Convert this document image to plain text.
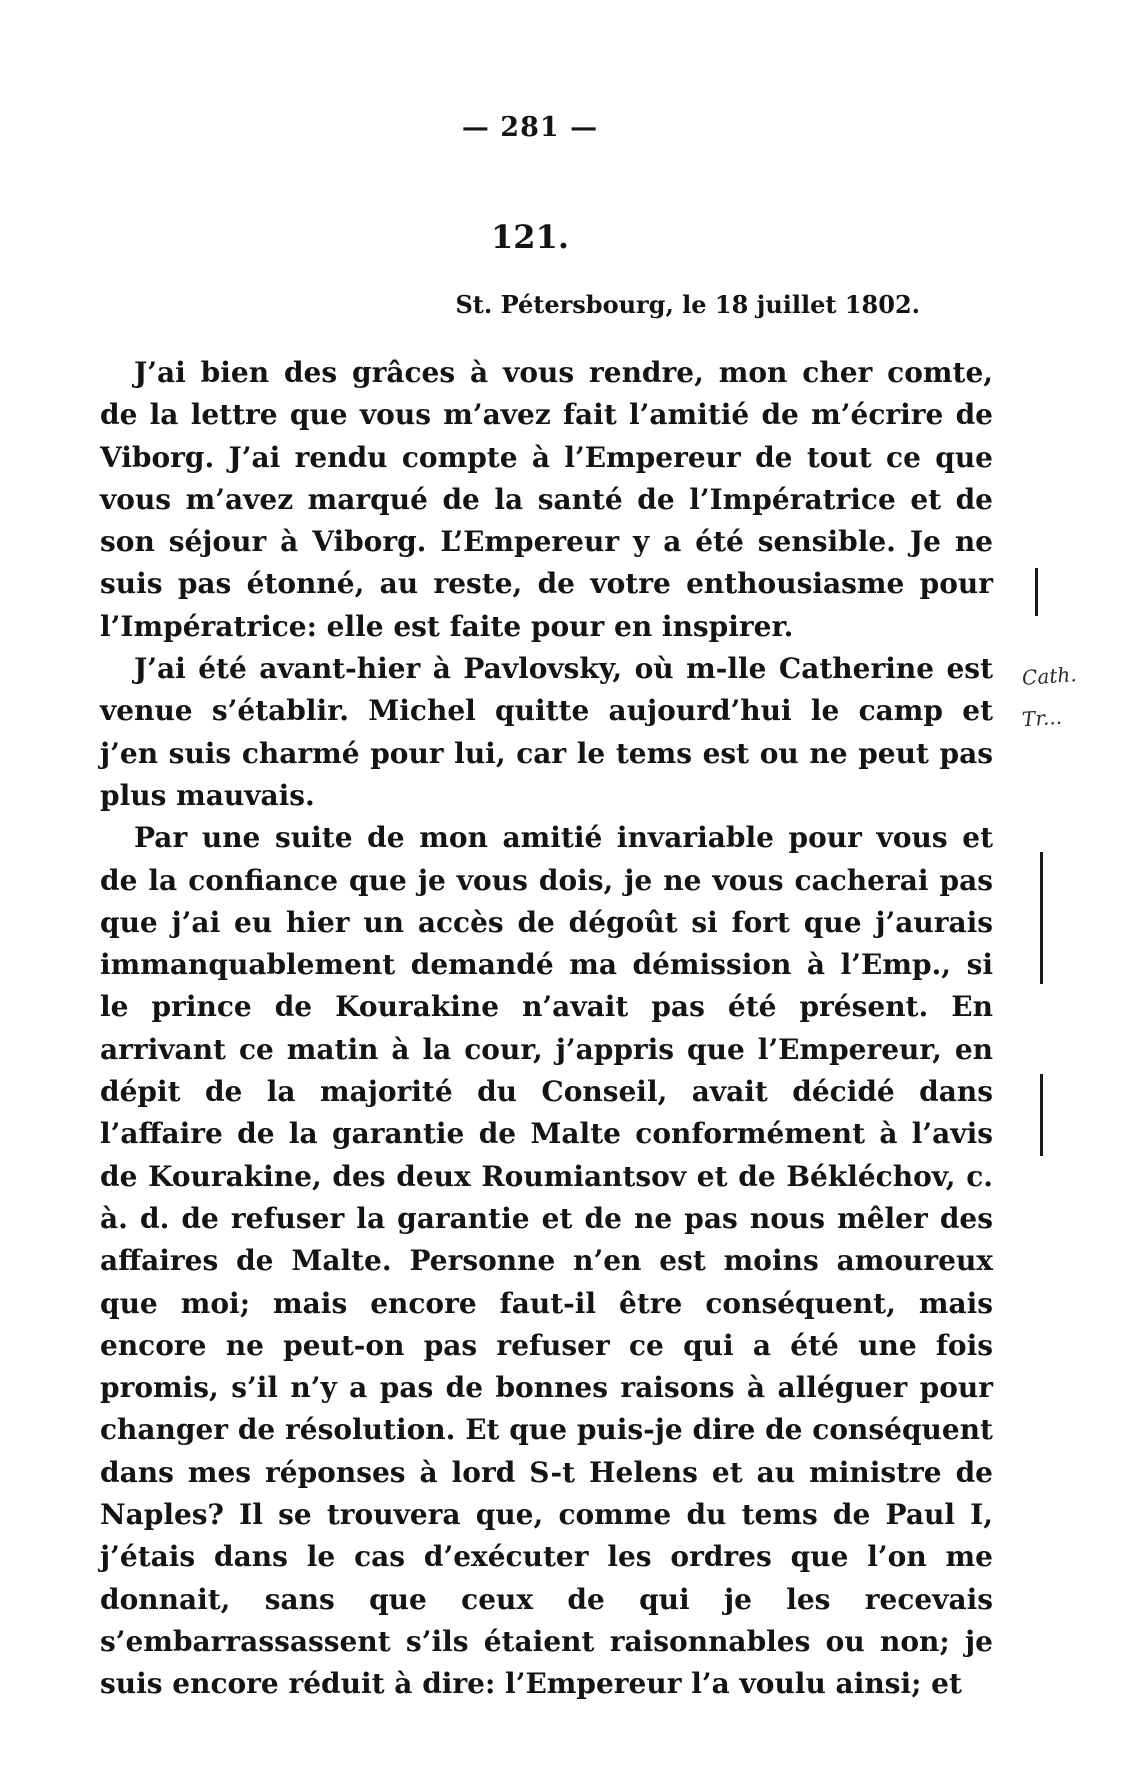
— 281 —
121.
St. Pétersbourg, le 18 juillet 1802.

J’ai bien des grâces à vous rendre, mon cher comte, de la lettre que vous m’avez fait l’amitié de m’écrire de Viborg. J’ai rendu compte à l’Empereur de tout ce que vous m’avez marqué de la santé de l’Impératrice et de son séjour à Viborg. L’Empereur y a été sensible. Je ne suis pas étonné, au reste, de votre enthousiasme pour l’Impératrice: elle est faite pour en inspirer.

J’ai été avant-hier à Pavlovsky, où m-lle Catherine est venue s’établir. Michel quitte aujourd’hui le camp et j’en suis charmé pour lui, car le tems est ou ne peut pas plus mauvais.

Par une suite de mon amitié invariable pour vous et de la confiance que je vous dois, je ne vous cacherai pas que j’ai eu hier un accès de dégoût si fort que j’aurais immanquablement demandé ma démission à l’Emp., si le prince de Kourakine n’avait pas été présent. En arrivant ce matin à la cour, j’appris que l’Empereur, en dépit de la majorité du Conseil, avait décidé dans l’affaire de la garantie de Malte conformément à l’avis de Kourakine, des deux Roumiantsov et de Békléchov, c. à. d. de refuser la garantie et de ne pas nous mêler des affaires de Malte. Personne n’en est moins amoureux que moi; mais encore faut-il être conséquent, mais encore ne peut-on pas refuser ce qui a été une fois promis, s’il n’y a pas de bonnes raisons à alléguer pour changer de résolution. Et que puis-je dire de conséquent dans mes réponses à lord S-t Helens et au ministre de Naples? Il se trouvera que, comme du tems de Paul I, j’étais dans le cas d’exécuter les ordres que l’on me donnait, sans que ceux de qui je les recevais s’embarrassassent s’ils étaient raisonnables ou non; je suis encore réduit à dire: l’Empereur l’a voulu ainsi; et

Cath.
Tr...
